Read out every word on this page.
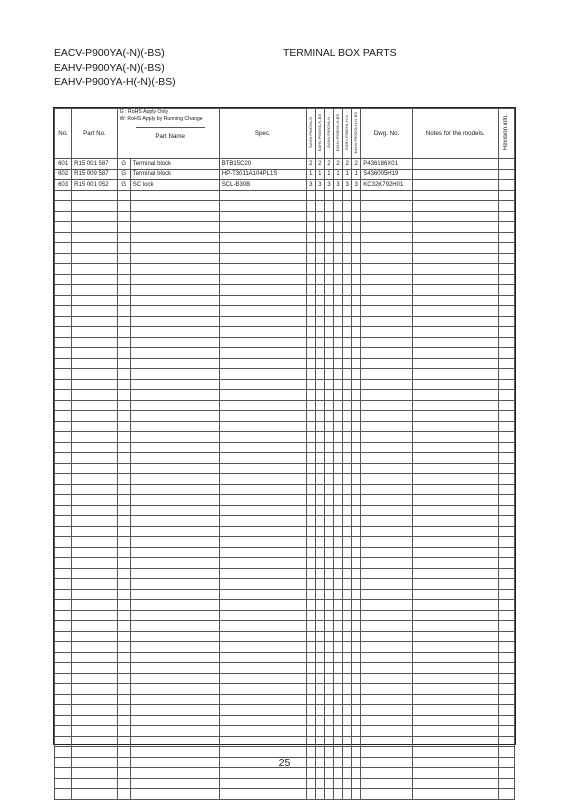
EACV-P900YA(-N)(-BS)
EAHV-P900YA(-N)(-BS)
EAHV-P900YA-H(-N)(-BS)
TERMINAL BOX PARTS
No.	Part No.	G : RoHS Apply Only
W: RoHS Apply by Running Change
Part Name		Spec.	EAHV-P900YA-N	EAHV-P900YA-N-BS	EAHV-P900YA-H	EAHV-P900YA-H-BS	EAHV-P900YA-H-N	EAHV-P900YA-H-N-BS	Dwg. No.	Notes for the models.	Revision info.
601	R15 001 587	G	Terminal block	BTB15C20	2	2	2	2	2	2	P436186X01		
602	R15 009 587	G	Terminal block	HP-T3011A104PL1S	1	1	1	1	1	1	S436005H19		
603	R15 001 052	G	SC lock	SCL-B30B	3	3	3	3	3	3	KC32K792H01		

25
